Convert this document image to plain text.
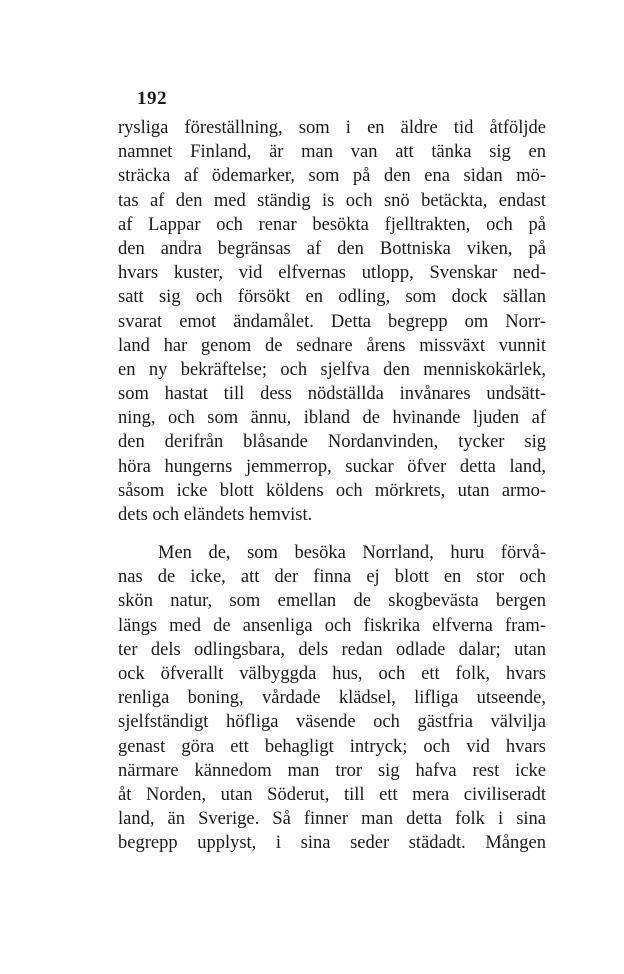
192
rysliga föreställning, som i en äldre tid åtföljde
namnet Finland, är man van att tänka sig en
sträcka af ödemarker, som på den ena sidan mö-
tas af den med ständig is och snö betäckta, endast
af Lappar och renar besökta fjelltrakten, och på
den andra begränsas af den Bottniska viken, på
hvars kuster, vid elfvernas utlopp, Svenskar ned-
satt sig och försökt en odling, som dock sällan
svarat emot ändamålet. Detta begrepp om Norr-
land har genom de sednare årens missväxt vunnit
en ny bekräftelse; och sjelfva den menniskokärlek,
som hastat till dess nödställda invånares undsätt-
ning, och som ännu, ibland de hvinande ljuden af
den derifrån blåsande Nordanvinden, tycker sig
höra hungerns jemmerrop, suckar öfver detta land,
såsom icke blott köldens och mörkrets, utan armo-
dets och eländets hemvist.
Men de, som besöka Norrland, huru förvå-
nas de icke, att der finna ej blott en stor och
skön natur, som emellan de skogbevästa bergen
längs med de ansenliga och fiskrika elfverna fram-
ter dels odlingsbara, dels redan odlade dalar; utan
ock öfverallt välbyggda hus, och ett folk, hvars
renliga boning, vårdade klädsel, lifliga utseende,
sjelfständigt höfliga väsende och gästfria välvilja
genast göra ett behagligt intryck; och vid hvars
närmare kännedom man tror sig hafva rest icke
åt Norden, utan Söderut, till ett mera civiliseradt
land, än Sverige. Så finner man detta folk i sina
begrepp upplyst, i sina seder städadt. Mången
